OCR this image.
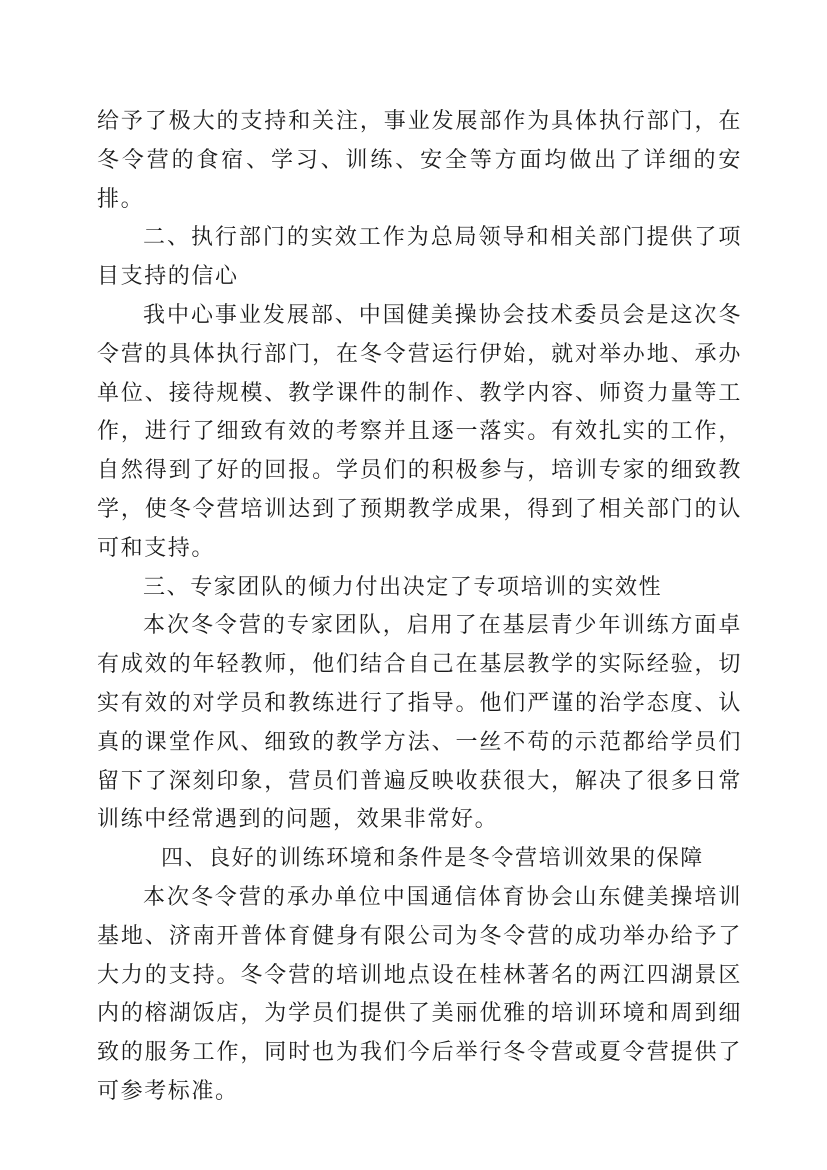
给予了极大的支持和关注，事业发展部作为具体执行部门，在冬令营的食宿、学习、训练、安全等方面均做出了详细的安排。

二、执行部门的实效工作为总局领导和相关部门提供了项目支持的信心

我中心事业发展部、中国健美操协会技术委员会是这次冬令营的具体执行部门，在冬令营运行伊始，就对举办地、承办单位、接待规模、教学课件的制作、教学内容、师资力量等工作，进行了细致有效的考察并且逐一落实。有效扎实的工作，自然得到了好的回报。学员们的积极参与，培训专家的细致教学，使冬令营培训达到了预期教学成果，得到了相关部门的认可和支持。

三、专家团队的倾力付出决定了专项培训的实效性

本次冬令营的专家团队，启用了在基层青少年训练方面卓有成效的年轻教师，他们结合自己在基层教学的实际经验，切实有效的对学员和教练进行了指导。他们严谨的治学态度、认真的课堂作风、细致的教学方法、一丝不苟的示范都给学员们留下了深刻印象，营员们普遍反映收获很大，解决了很多日常训练中经常遇到的问题，效果非常好。

四、良好的训练环境和条件是冬令营培训效果的保障

本次冬令营的承办单位中国通信体育协会山东健美操培训基地、济南开普体育健身有限公司为冬令营的成功举办给予了大力的支持。冬令营的培训地点设在桂林著名的两江四湖景区内的榕湖饭店，为学员们提供了美丽优雅的培训环境和周到细致的服务工作，同时也为我们今后举行冬令营或夏令营提供了可参考标准。
